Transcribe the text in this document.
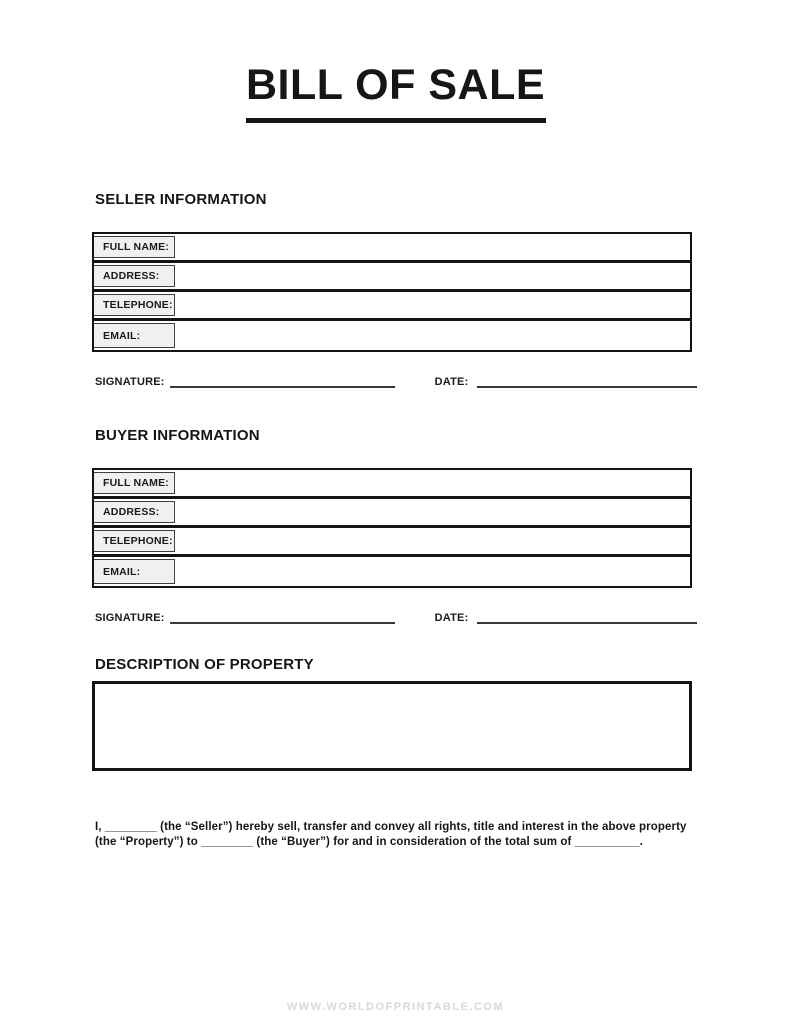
BILL OF SALE
SELLER INFORMATION
FULL NAME:
ADDRESS:
TELEPHONE:
EMAIL:
SIGNATURE:	DATE:
BUYER INFORMATION
FULL NAME:
ADDRESS:
TELEPHONE:
EMAIL:
SIGNATURE:	DATE:
DESCRIPTION OF PROPERTY
I, ________ (the “Seller”) hereby sell, transfer and convey all rights, title and interest in the above property
(the “Property”) to ________ (the “Buyer”) for and in consideration of the total sum of __________.
WWW.WORLDOFPRINTABLE.COM
